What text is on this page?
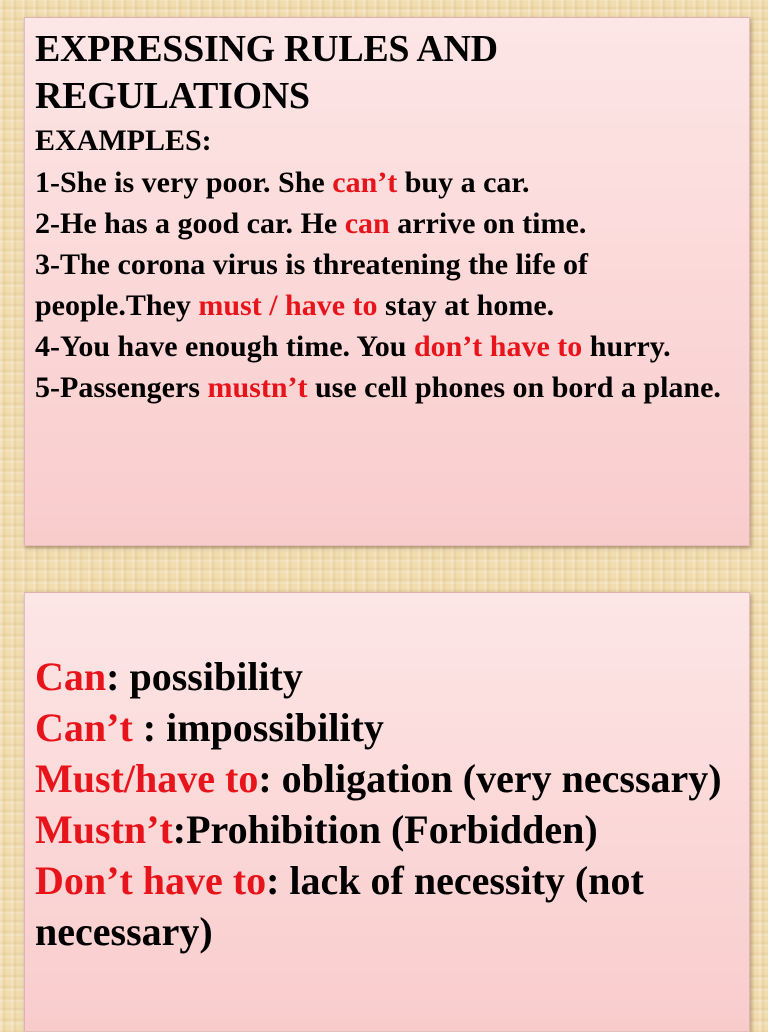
EXPRESSING RULES AND
REGULATIONS
EXAMPLES:
1-She is very poor. She can’t buy a car.
2-He has a good car. He can arrive on time.
3-The corona virus is threatening the life of people.They must / have to stay at home.
4-You have enough time. You don’t have to hurry.
5-Passengers mustn’t use cell phones on bord a plane.
Can: possibility
Can’t : impossibility
Must/have to: obligation (very necssary)
Mustn’t:Prohibition (Forbidden)
Don’t have to: lack of necessity (not necessary)
